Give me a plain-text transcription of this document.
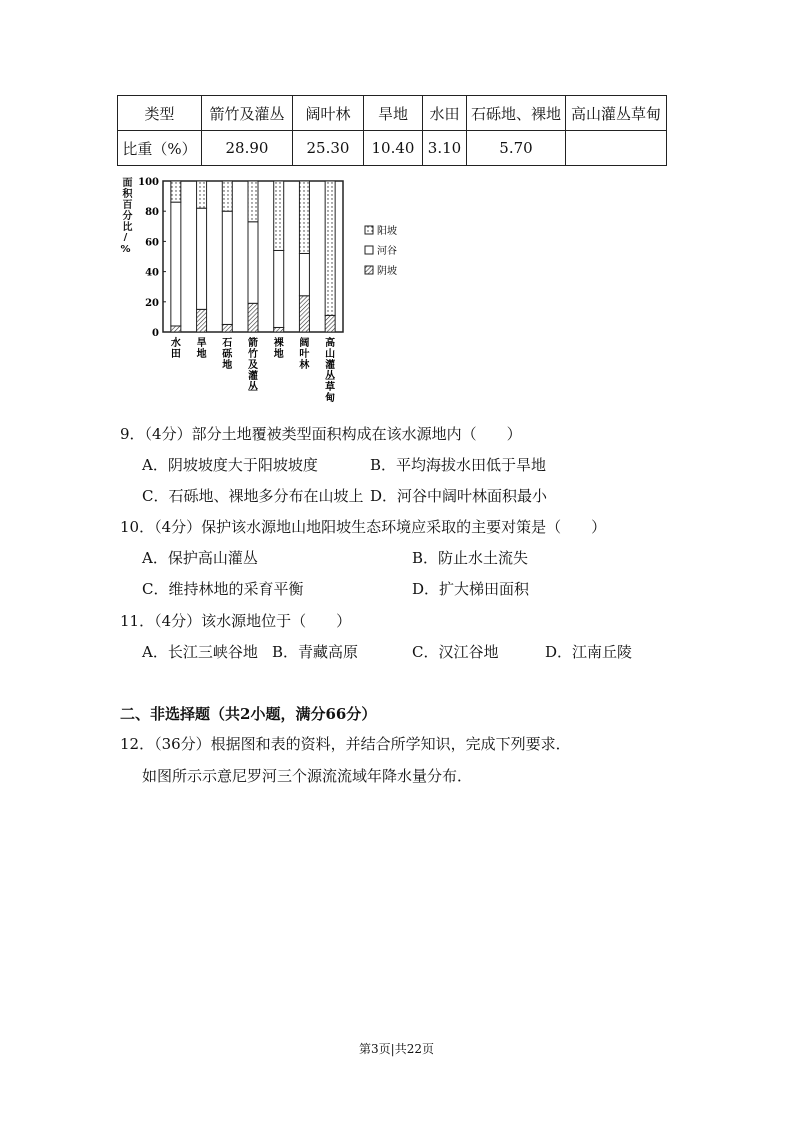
类型	箭竹及灌丛	阔叶林	旱地	水田	石砾地、裸地	高山灌丛草甸
比重（%）	28.90	25.30	10.40	3.10	5.70	
0
20
40
60
80
100
水田
旱地
石砾地
箭竹及灌丛
裸地
阔叶林
高山灌丛草甸
阳坡
河谷
阴坡
面积百分比/%
9．（4分）部分土地覆被类型面积构成在该水源地内（　　）
A．阴坡坡度大于阳坡坡度	B．平均海拔水田低于旱地
C．石砾地、裸地多分布在山坡上 D．河谷中阔叶林面积最小
10．（4分）保护该水源地山地阳坡生态环境应采取的主要对策是（　　）
A．保护高山灌丛	B．防止水土流失
C．维持林地的采育平衡	D．扩大梯田面积
11．（4分）该水源地位于（　　）
A．长江三峡谷地 B．青藏高原	C．汉江谷地	D．江南丘陵
二、非选择题（共2小题，满分66分）
12．（36分）根据图和表的资料，并结合所学知识，完成下列要求．
如图所示示意尼罗河三个源流流域年降水量分布．
第3页|共22页
